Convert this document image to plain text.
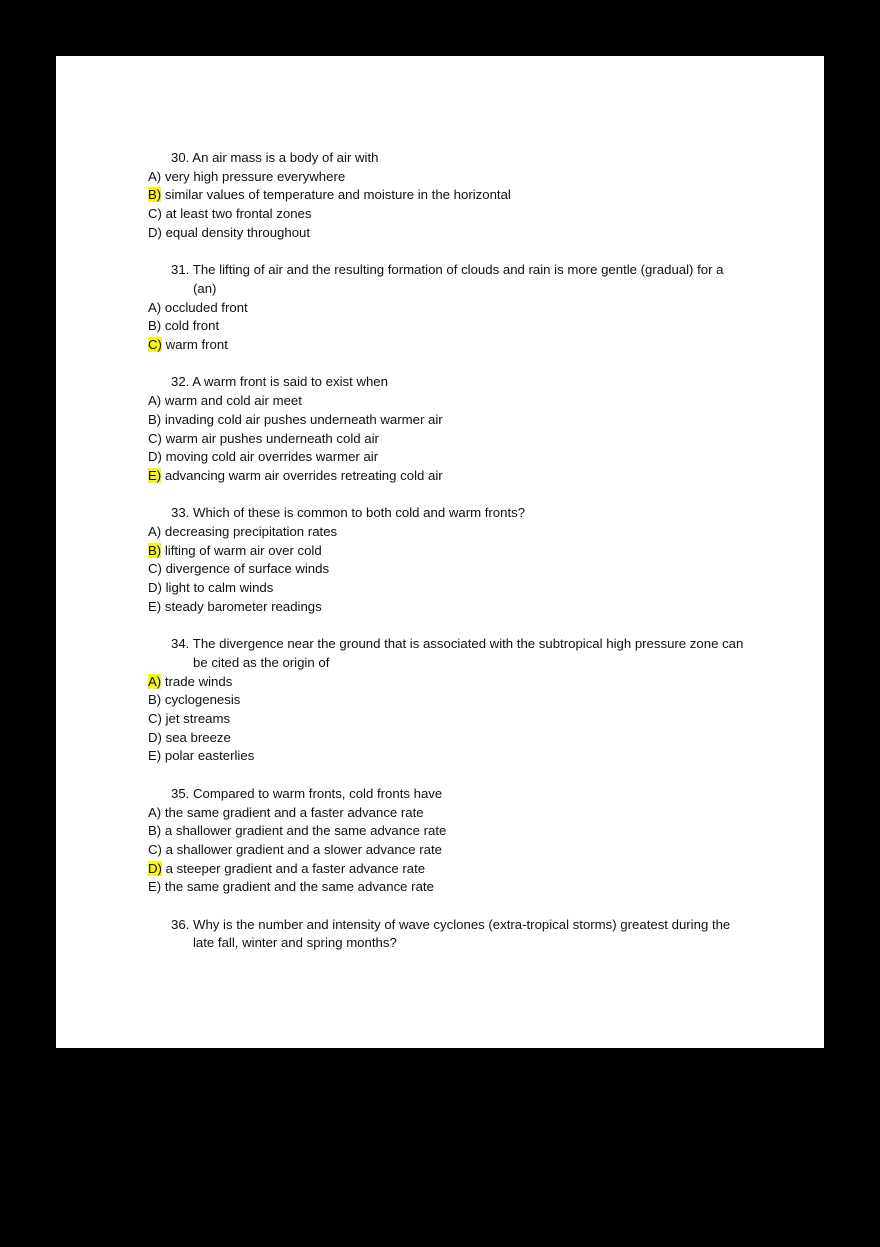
30. An air mass is a body of air with
A) very high pressure everywhere
B) similar values of temperature and moisture in the horizontal
C) at least two frontal zones
D) equal density throughout
31. The lifting of air and the resulting formation of clouds and rain is more gentle (gradual) for a (an)
A) occluded front
B) cold front
C) warm front
32. A warm front is said to exist when
A) warm and cold air meet
B) invading cold air pushes underneath warmer air
C) warm air pushes underneath cold air
D) moving cold air overrides warmer air
E) advancing warm air overrides retreating cold air
33. Which of these is common to both cold and warm fronts?
A) decreasing precipitation rates
B) lifting of warm air over cold
C) divergence of surface winds
D) light to calm winds
E) steady barometer readings
34. The divergence near the ground that is associated with the subtropical high pressure zone can be cited as the origin of
A) trade winds
B) cyclogenesis
C) jet streams
D) sea breeze
E) polar easterlies
35. Compared to warm fronts, cold fronts have
A) the same gradient and a faster advance rate
B) a shallower gradient and the same advance rate
C) a shallower gradient and a slower advance rate
D) a steeper gradient and a faster advance rate
E) the same gradient and the same advance rate
36. Why is the number and intensity of wave cyclones (extra-tropical storms) greatest during the late fall, winter and spring months?
